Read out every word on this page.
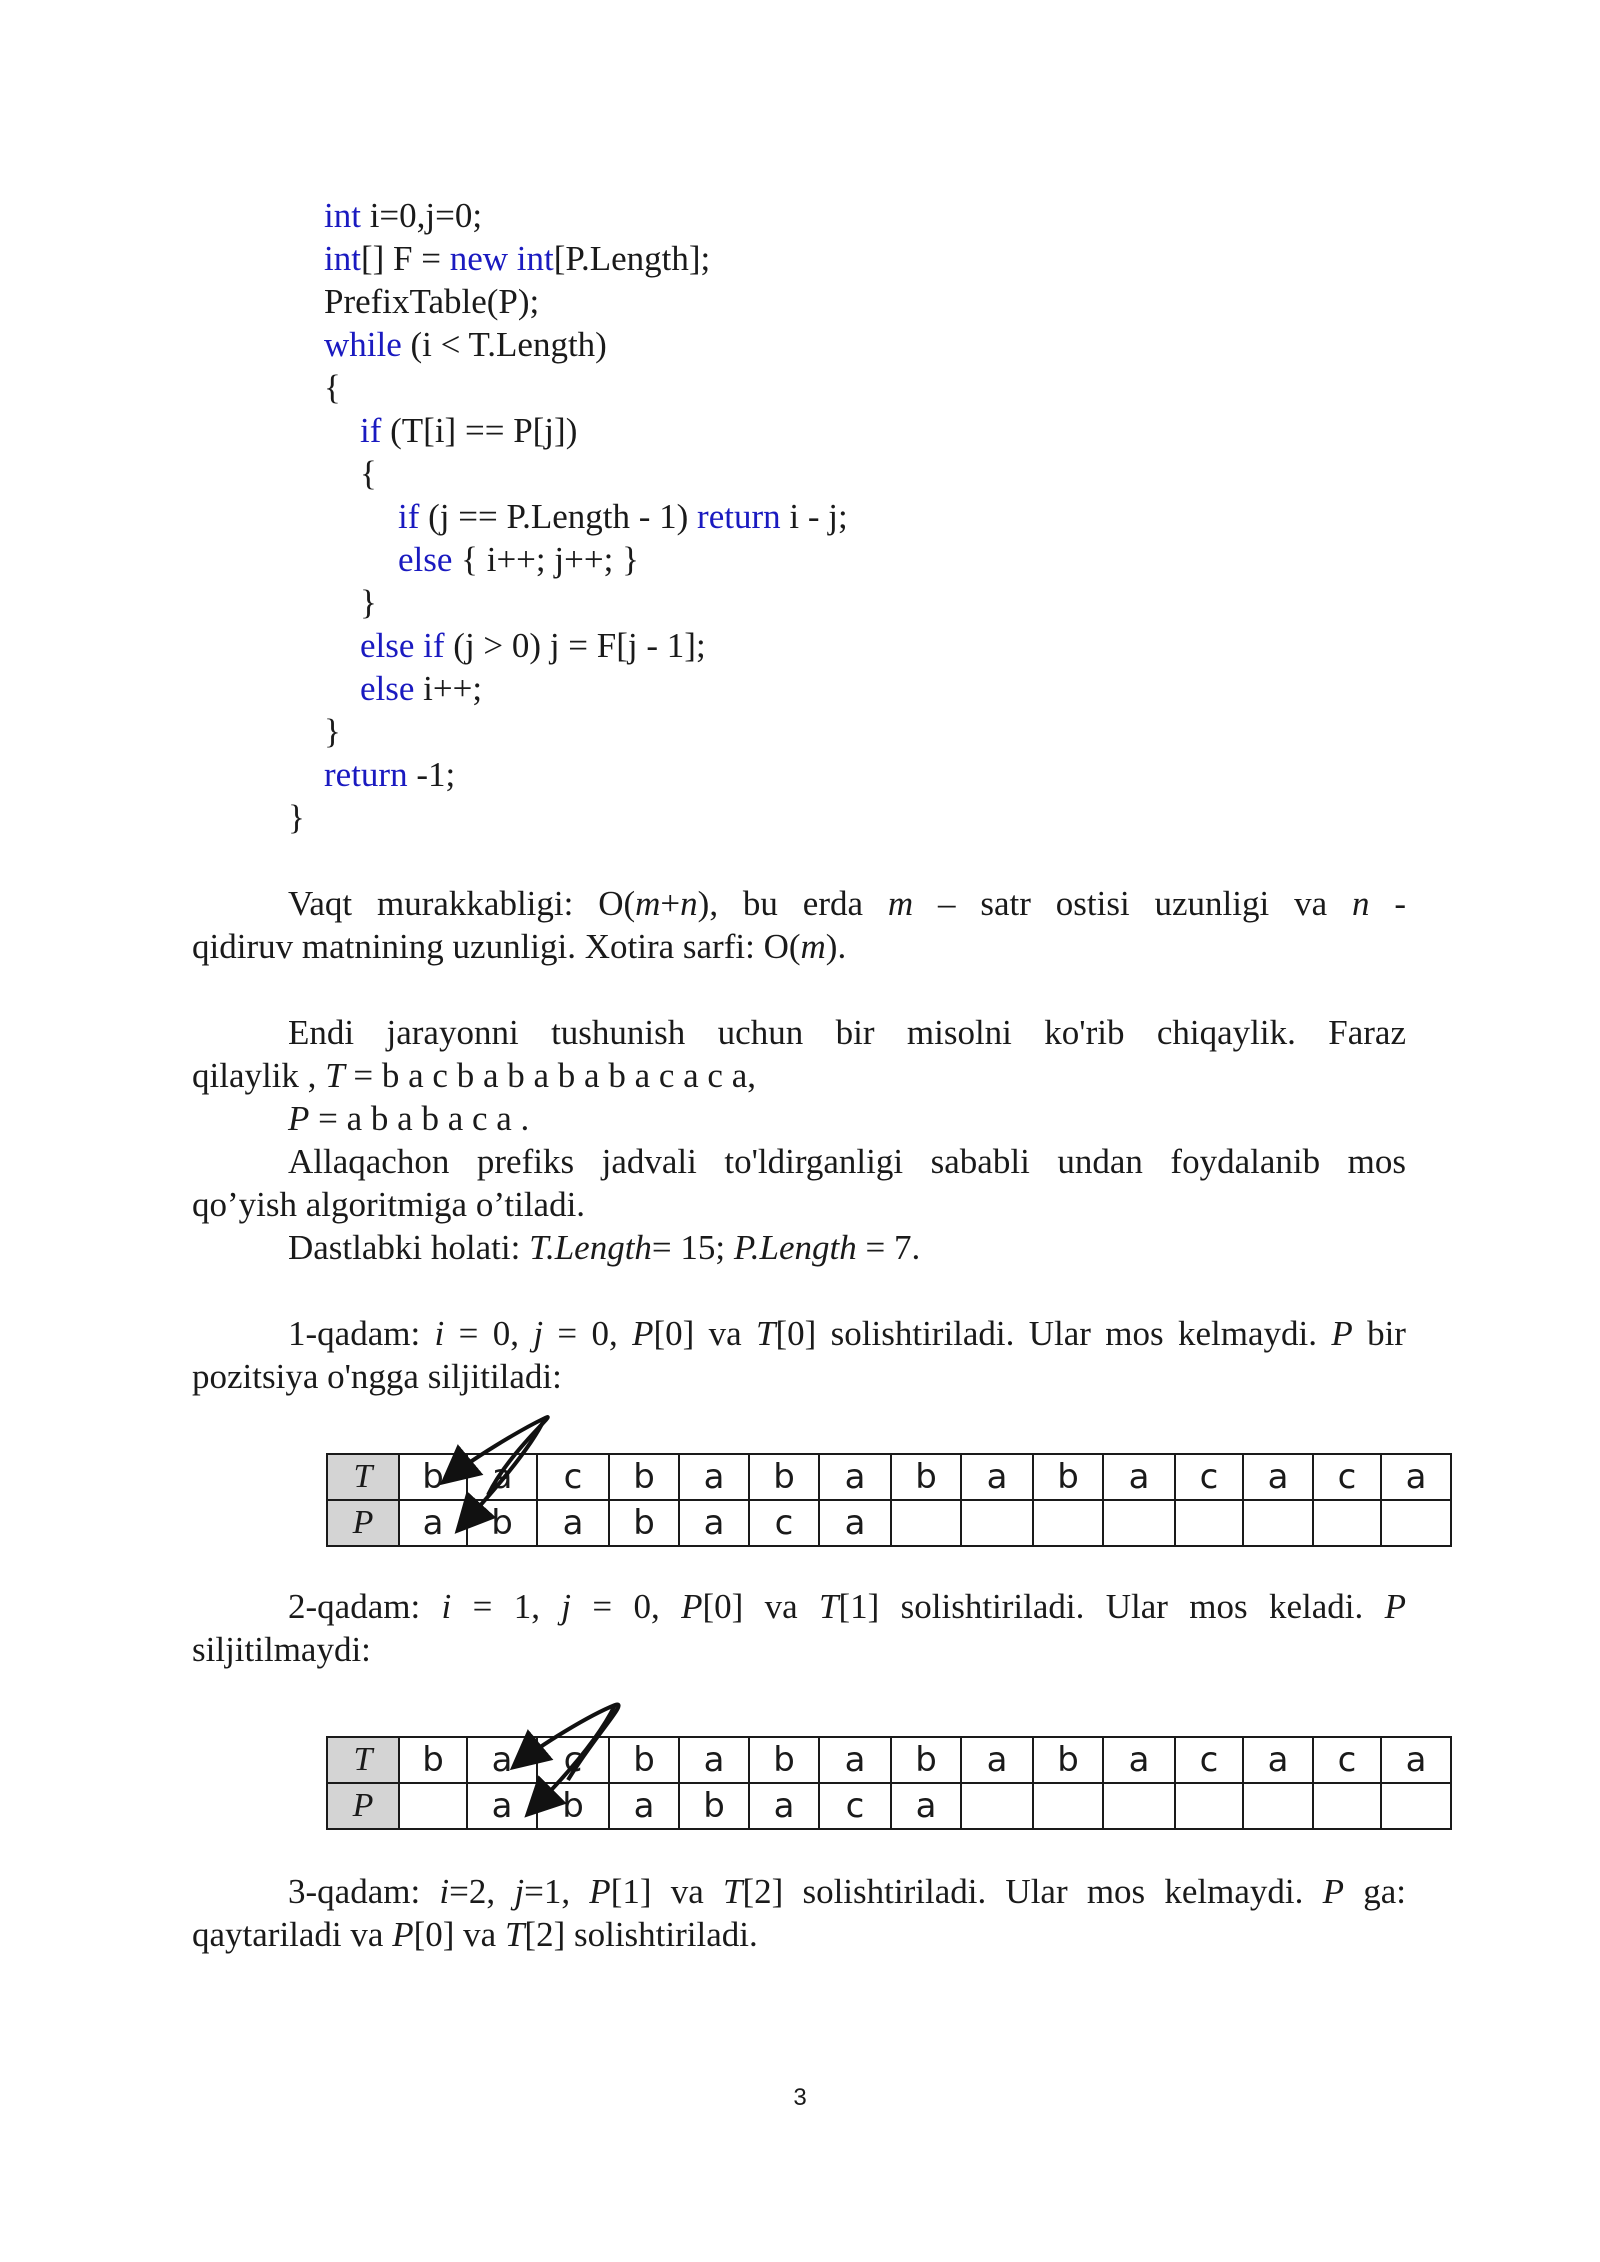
int i=0,j=0;
int[] F = new int[P.Length];
PrefixTable(P);
while (i < T.Length)
{
if (T[i] == P[j])
{
if (j == P.Length - 1) return i - j;
else { i++; j++; }
}
else if (j > 0) j = F[j - 1];
else i++;
}
return -1;
}
Vaqt murakkabligi: O(m+n), bu erda m – satr ostisi uzunligi va n -
qidiruv matnining uzunligi. Xotira sarfi: O(m).
Endi jarayonni tushunish uchun bir misolni ko'rib chiqaylik. Faraz
qilaylik , T = b a c b a b a b a b a c a c a,
P = a b a b a c a .
Allaqachon prefiks jadvali to'ldirganligi sababli undan foydalanib mos
qo’yish algoritmiga o’tiladi.
Dastlabki holati: T.Length= 15; P.Length = 7.
1-qadam: i = 0, j = 0, P[0] va T[0] solishtiriladi. Ular mos kelmaydi. P bir
pozitsiya o'ngga siljitiladi:
T	b	a	c	b	a	b	a	b	a	b	a	c	a	c	a
P	a	b	a	b	a	c	a								
2-qadam: i = 1, j = 0, P[0] va T[1] solishtiriladi. Ular mos keladi. P
siljitilmaydi:
T	b	a	c	b	a	b	a	b	a	b	a	c	a	c	a
P		a	b	a	b	a	c	a							
3-qadam: i=2, j=1, P[1] va T[2] solishtiriladi. Ular mos kelmaydi. P ga:
qaytariladi va P[0] va T[2] solishtiriladi.
3
